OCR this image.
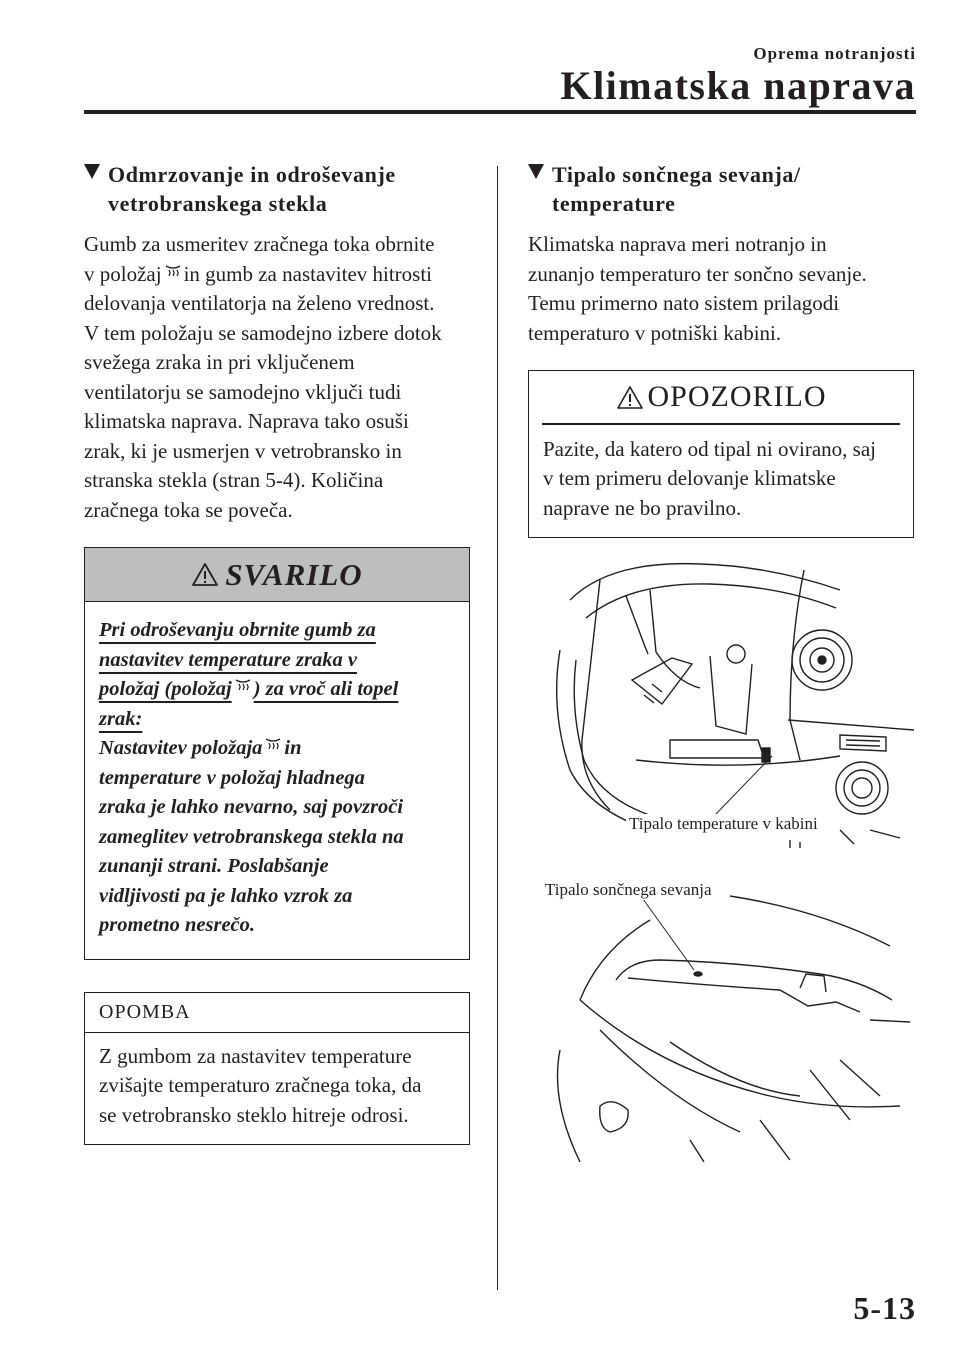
Oprema notranjosti
Klimatska naprava
Odmrzovanje in odroševanje
vetrobranskega stekla
Gumb za usmeritev zračnega toka obrnite
v položaj in gumb za nastavitev hitrosti
delovanja ventilatorja na želeno vrednost.
V tem položaju se samodejno izbere dotok
svežega zraka in pri vključenem
ventilatorju se samodejno vključi tudi
klimatska naprava. Naprava tako osuši
zrak, ki je usmerjen v vetrobransko in
stranska stekla (stran 5-4). Količina
zračnega toka se poveča.
SVARILO
Pri odroševanju obrnite gumb za
nastavitev temperature zraka v
položaj (položaj ) za vroč ali topel
zrak:
Nastavitev položaja in
temperature v položaj hladnega
zraka je lahko nevarno, saj povzroči
zameglitev vetrobranskega stekla na
zunanji strani. Poslabšanje
vidljivosti pa je lahko vzrok za
prometno nesrečo.
OPOMBA
Z gumbom za nastavitev temperature
zvišajte temperaturo zračnega toka, da
se vetrobransko steklo hitreje odrosi.
Tipalo sončnega sevanja/
temperature
Klimatska naprava meri notranjo in
zunanjo temperaturo ter sončno sevanje.
Temu primerno nato sistem prilagodi
temperaturo v potniški kabini.
OPOZORILO
Pazite, da katero od tipal ni ovirano, saj
v tem primeru delovanje klimatske
naprave ne bo pravilno.
Tipalo temperature v kabini
Tipalo sončnega sevanja
5-13
